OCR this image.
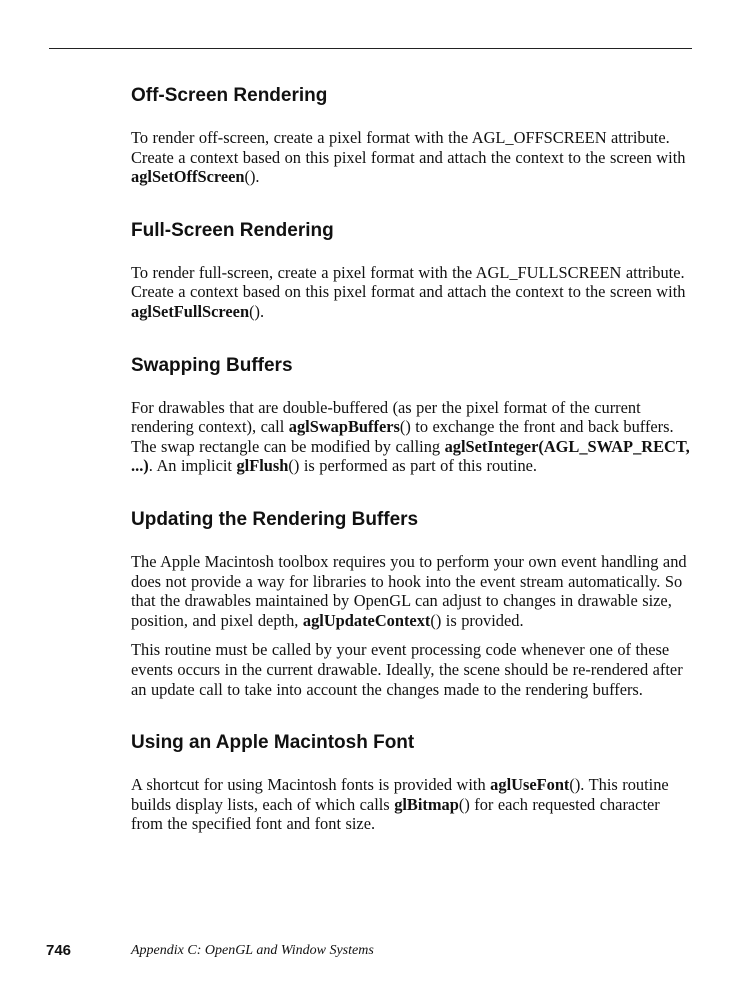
Off-Screen Rendering

To render off-screen, create a pixel format with the AGL_OFFSCREEN attribute. Create a context based on this pixel format and attach the context to the screen with aglSetOffScreen().

Full-Screen Rendering

To render full-screen, create a pixel format with the AGL_FULLSCREEN attribute. Create a context based on this pixel format and attach the context to the screen with aglSetFullScreen().

Swapping Buffers

For drawables that are double-buffered (as per the pixel format of the current rendering context), call aglSwapBuffers() to exchange the front and back buffers. The swap rectangle can be modified by calling aglSetInteger(AGL_SWAP_RECT, ...). An implicit glFlush() is performed as part of this routine.

Updating the Rendering Buffers

The Apple Macintosh toolbox requires you to perform your own event handling and does not provide a way for libraries to hook into the event stream automatically. So that the drawables maintained by OpenGL can adjust to changes in drawable size, position, and pixel depth, aglUpdateContext() is provided.

This routine must be called by your event processing code whenever one of these events occurs in the current drawable. Ideally, the scene should be re-rendered after an update call to take into account the changes made to the rendering buffers.

Using an Apple Macintosh Font

A shortcut for using Macintosh fonts is provided with aglUseFont(). This routine builds display lists, each of which calls glBitmap() for each requested character from the specified font and font size.

746	Appendix C: OpenGL and Window Systems
